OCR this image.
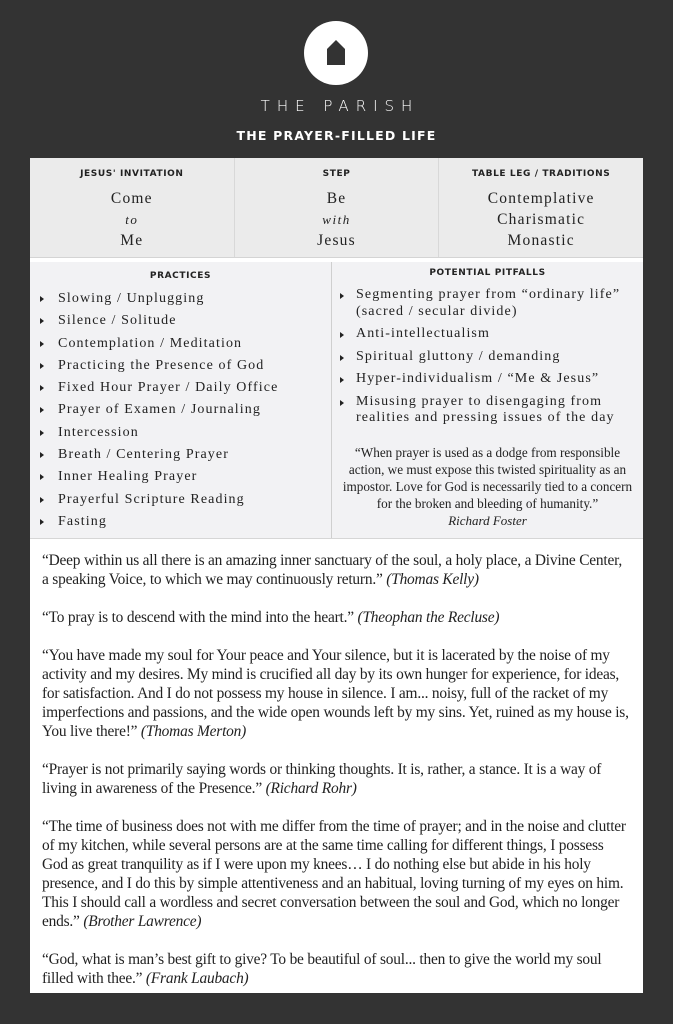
THE PARISH
THE PRAYER-FILLED LIFE
JESUS' INVITATION
Come
to
Me
STEP
Be
with
Jesus
TABLE LEG / TRADITIONS
Contemplative
Charismatic
Monastic
PRACTICES
Slowing / Unplugging
Silence / Solitude
Contemplation / Meditation
Practicing the Presence of God
Fixed Hour Prayer / Daily Office
Prayer of Examen / Journaling
Intercession
Breath / Centering Prayer
Inner Healing Prayer
Prayerful Scripture Reading
Fasting
POTENTIAL PITFALLS
Segmenting prayer from “ordinary life” (sacred / secular divide)
Anti-intellectualism
Spiritual gluttony / demanding
Hyper-individualism / “Me & Jesus”
Misusing prayer to disengaging from realities and pressing issues of the day
“When prayer is used as a dodge from responsible action, we must expose this twisted spirituality as an impostor. Love for God is necessarily tied to a concern for the broken and bleeding of humanity.”
Richard Foster

“Deep within us all there is an amazing inner sanctuary of the soul, a holy place, a Divine Center, a speaking Voice, to which we may continuously return.” (Thomas Kelly)

“To pray is to descend with the mind into the heart.” (Theophan the Recluse)

“You have made my soul for Your peace and Your silence, but it is lacerated by the noise of my activity and my desires. My mind is crucified all day by its own hunger for experience, for ideas, for satisfaction. And I do not possess my house in silence. I am... noisy, full of the racket of my imperfections and passions, and the wide open wounds left by my sins. Yet, ruined as my house is, You live there!” (Thomas Merton)

“Prayer is not primarily saying words or thinking thoughts. It is, rather, a stance. It is a way of living in awareness of the Presence.” (Richard Rohr)

“The time of business does not with me differ from the time of prayer; and in the noise and clutter of my kitchen, while several persons are at the same time calling for different things, I possess God as great tranquility as if I were upon my knees… I do nothing else but abide in his holy presence, and I do this by simple attentiveness and an habitual, loving turning of my eyes on him. This I should call a wordless and secret conversation between the soul and God, which no longer ends.” (Brother Lawrence)

“God, what is man’s best gift to give? To be beautiful of soul... then to give the world my soul filled with thee.” (Frank Laubach)
